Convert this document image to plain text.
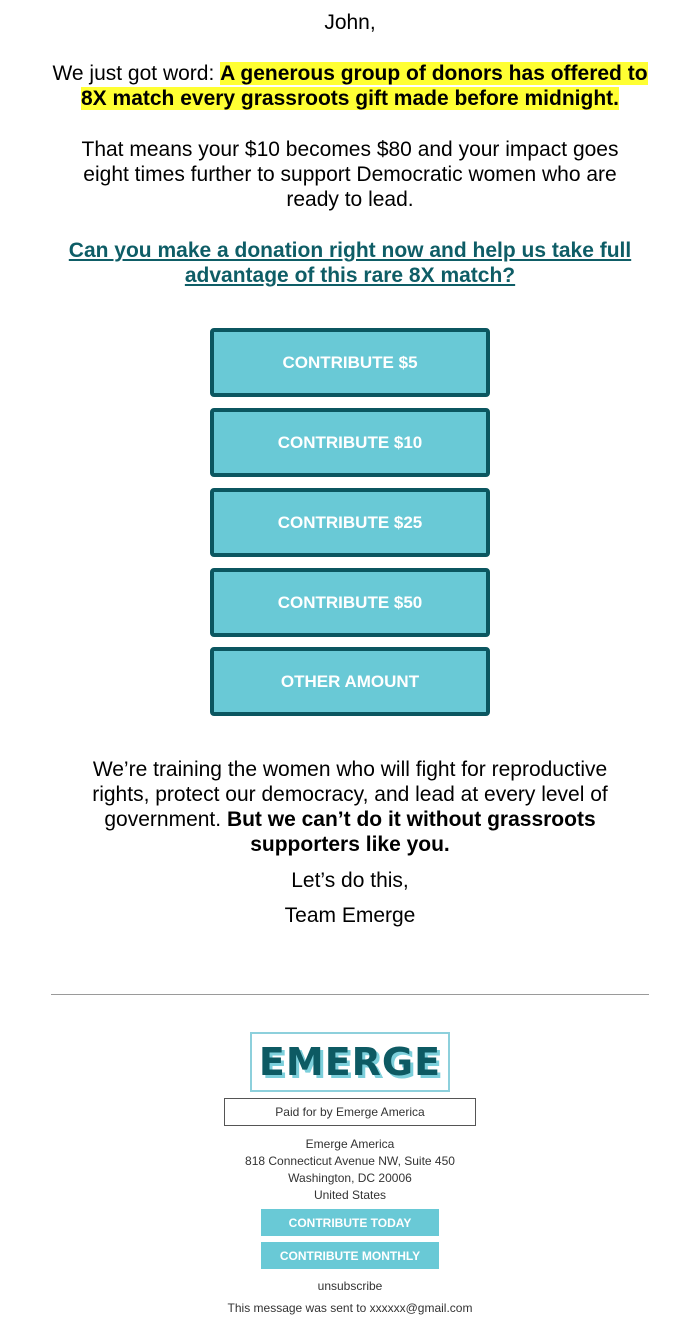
John,

We just got word: A generous group of donors has offered to 8X match every grassroots gift made before midnight.

That means your $10 becomes $80 and your impact goes eight times further to support Democratic women who are ready to lead.

Can you make a donation right now and help us take full advantage of this rare 8X match?

CONTRIBUTE $5
CONTRIBUTE $10
CONTRIBUTE $25
CONTRIBUTE $50
OTHER AMOUNT

We’re training the women who will fight for reproductive rights, protect our democracy, and lead at every level of government. But we can’t do it without grassroots supporters like you.

Let’s do this,

Team Emerge

EMERGE
Paid for by Emerge America
Emerge America
818 Connecticut Avenue NW, Suite 450
Washington, DC 20006
United States
CONTRIBUTE TODAY
CONTRIBUTE MONTHLY
unsubscribe
This message was sent to xxxxxx@gmail.com
